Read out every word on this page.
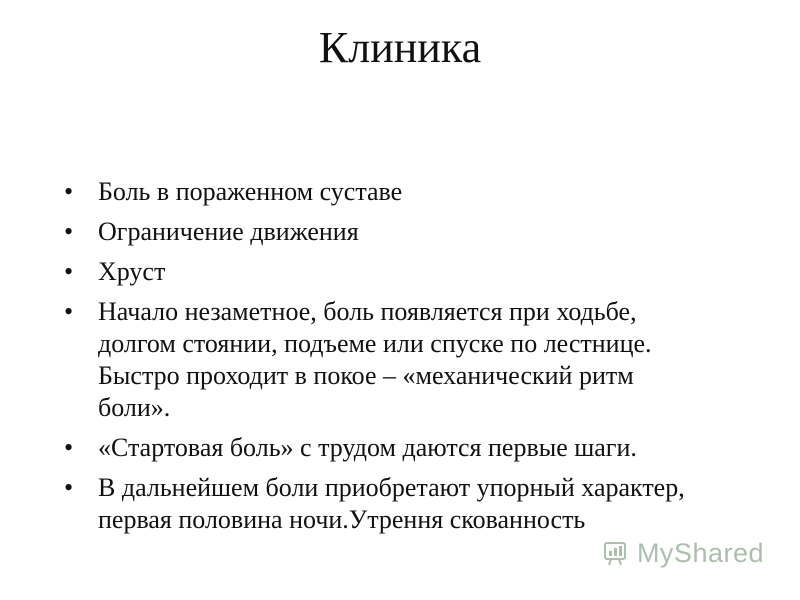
Клиника
• Боль в пораженном суставе
• Ограничение движения
• Хруст
• Начало незаметное, боль появляется при ходьбе, долгом стоянии, подъеме или спуске по лестнице. Быстро проходит в покое – «механический ритм боли».
• «Стартовая боль» с трудом даются первые шаги.
• В дальнейшем боли приобретают упорный характер, первая половина ночи.Утрення скованность
MyShared
